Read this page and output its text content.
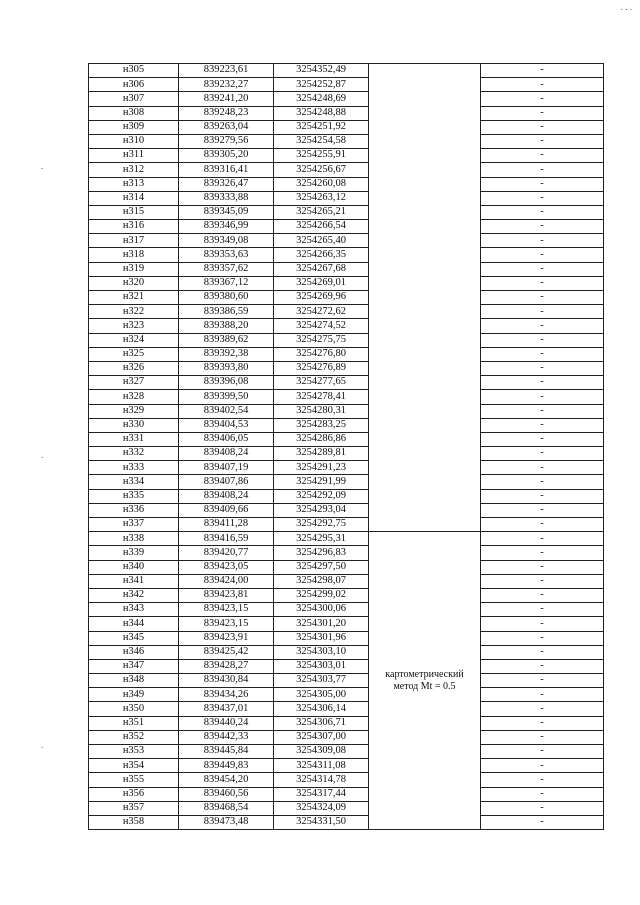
. . .
.
.
.
н305	839223,61	3254352,49		-
н306	839232,27	3254252,87		-
н307	839241,20	3254248,69		-
н308	839248,23	3254248,88		-
н309	839263,04	3254251,92		-
н310	839279,56	3254254,58		-
н311	839305,20	3254255,91		-
н312	839316,41	3254256,67		-
н313	839326,47	3254260,08		-
н314	839333,88	3254263,12		-
н315	839345,09	3254265,21		-
н316	839346,99	3254266,54		-
н317	839349,08	3254265,40		-
н318	839353,63	3254266,35		-
н319	839357,62	3254267,68		-
н320	839367,12	3254269,01		-
н321	839380,60	3254269,96		-
н322	839386,59	3254272,62		-
н323	839388,20	3254274,52		-
н324	839389,62	3254275,75		-
н325	839392,38	3254276,80		-
н326	839393,80	3254276,89		-
н327	839396,08	3254277,65		-
н328	839399,50	3254278,41		-
н329	839402,54	3254280,31		-
н330	839404,53	3254283,25		-
н331	839406,05	3254286,86		-
н332	839408,24	3254289,81		-
н333	839407,19	3254291,23		-
н334	839407,86	3254291,99		-
н335	839408,24	3254292,09		-
н336	839409,66	3254293,04		-
н337	839411,28	3254292,75		-
н338	839416,59	3254295,31	картометрический
метод Mt = 0.5	-
н339	839420,77	3254296,83		-
н340	839423,05	3254297,50		-
н341	839424,00	3254298,07		-
н342	839423,81	3254299,02		-
н343	839423,15	3254300,06		-
н344	839423,15	3254301,20		-
н345	839423,91	3254301,96		-
н346	839425,42	3254303,10		-
н347	839428,27	3254303,01		-
н348	839430,84	3254303,77		-
н349	839434,26	3254305,00		-
н350	839437,01	3254306,14		-
н351	839440,24	3254306,71		-
н352	839442,33	3254307,00		-
н353	839445,84	3254309,08		-
н354	839449,83	3254311,08		-
н355	839454,20	3254314,78		-
н356	839460,56	3254317,44		-
н357	839468,54	3254324,09		-
н358	839473,48	3254331,50		-
